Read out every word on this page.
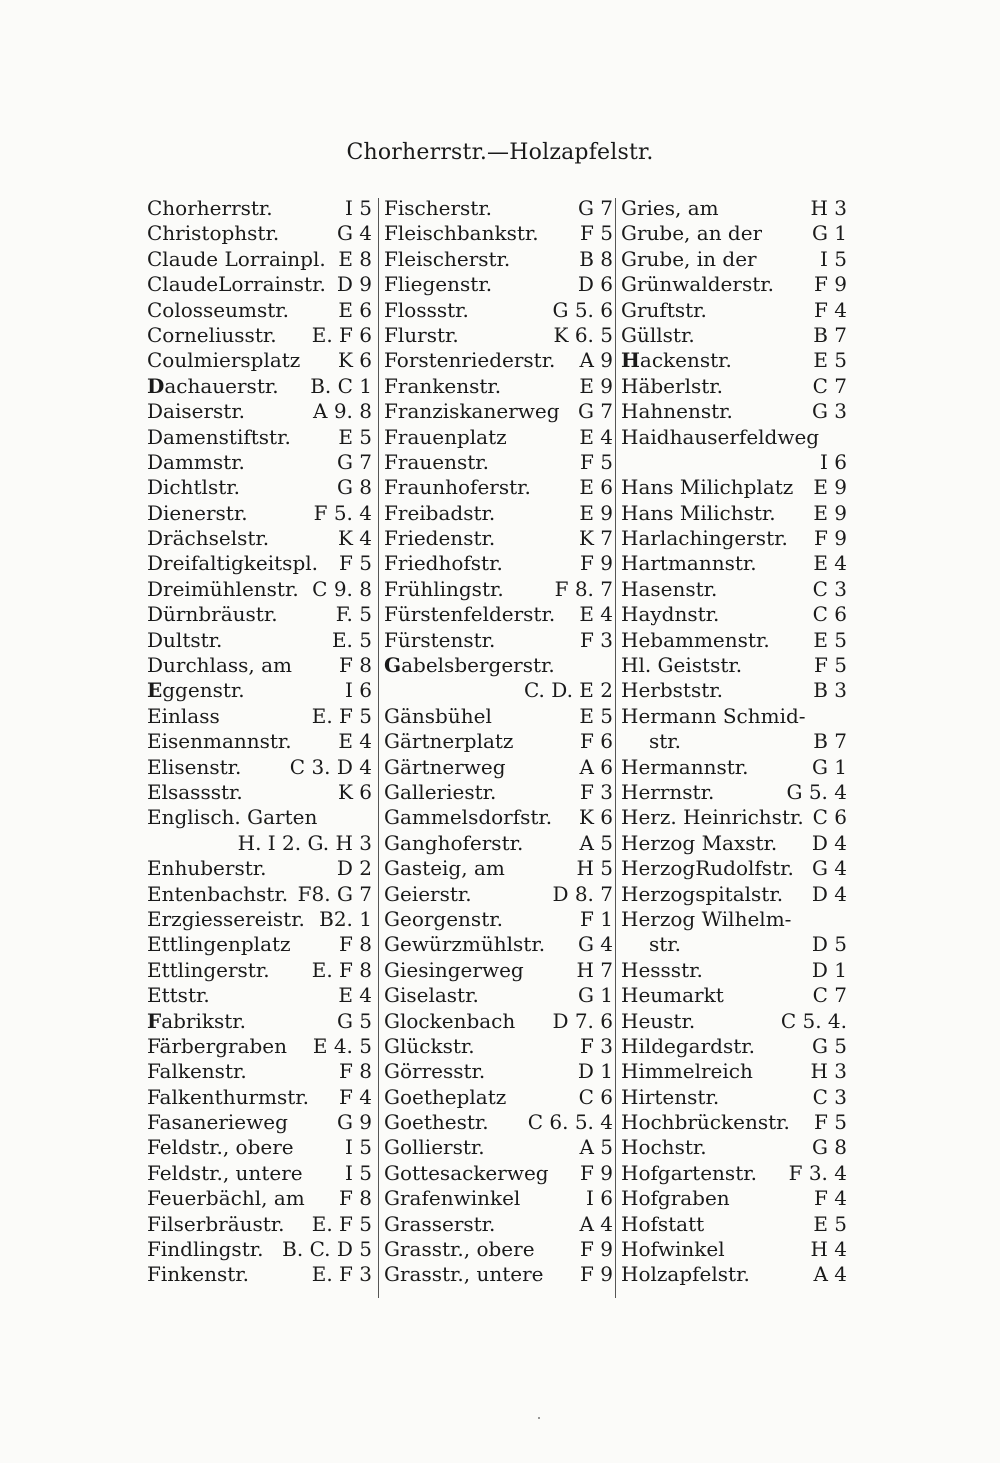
Chorherrstr.—Holzapfelstr.
Chorherrstr.	I 5
Christophstr.	G 4
Claude Lorrainpl. E 8
ClaudeLorrainstr. D 9
Colosseumstr. E 6
Corneliusstr. E. F 6
Coulmiersplatz K 6
Dachauerstr. B. C 1
Daiserstr.	A 9. 8
Damenstiftstr. E 5
Dammstr.	G 7
Dichtlstr.	G 8
Dienerstr.	F 5. 4
Drächselstr.	K 4
Dreifaltigkeitspl. F 5
Dreimühlenstr. C 9. 8
Dürnbräustr.	F. 5
Dultstr.	E. 5
Durchlass, am F 8
Eggenstr.	I 6
Einlass	E. F 5
Eisenmannstr. E 4
Elisenstr. C 3. D 4
Elsassstr.	K 6
Englisch. Garten
H. I 2. G. H 3
Enhuberstr.	D 2
Entenbachstr. F8. G 7
Erzgiessereistr. B2. 1
Ettlingenplatz F 8
Ettlingerstr. E. F 8
Ettstr.	E 4
Fabrikstr.	G 5
Färbergraben E 4. 5
Falkenstr.	F 8
Falkenthurmstr. F 4
Fasanerieweg G 9
Feldstr., obere	I 5
Feldstr., untere I 5
Feuerbächl, am F 8
Filserbräustr. E. F 5
Findlingstr. B. C. D 5
Finkenstr.	E. F 3
Fischerstr.	G 7
Fleischbankstr. F 5
Fleischerstr.	B 8
Fliegenstr.	D 6
Flossstr.	G 5. 6
Flurstr.	K 6. 5
Forstenriederstr. A 9
Frankenstr.	E 9
Franziskanerweg G 7
Frauenplatz	E 4
Frauenstr.	F 5
Fraunhoferstr. E 6
Freibadstr.	E 9
Friedenstr.	K 7
Friedhofstr.	F 9
Frühlingstr.	F 8. 7
Fürstenfelderstr. E 4
Fürstenstr.	F 3
Gabelsbergerstr.
C. D. E 2
Gänsbühel	E 5
Gärtnerplatz	F 6
Gärtnerweg	A 6
Galleriestr.	F 3
Gammelsdorfstr. K 6
Ganghoferstr.	A 5
Gasteig, am	H 5
Geierstr.	D 8. 7
Georgenstr.	F 1
Gewürzmühlstr. G 4
Giesingerweg	H 7
Giselastr.	G 1
Glockenbach D 7. 6
Glückstr.	F 3
Görresstr.	D 1
Goetheplatz	C 6
Goethestr. C 6. 5. 4
Gollierstr.	A 5
Gottesackerweg F 9
Grafenwinkel	I 6
Grasserstr.	A 4
Grasstr., obere F 9
Grasstr., untere F 9
Gries, am	H 3
Grube, an der G 1
Grube, in der	I 5
Grünwalderstr. F 9
Gruftstr.	F 4
Güllstr.	B 7
Hackenstr.	E 5
Häberlstr.	C 7
Hahnenstr.	G 3
Haidhauserfeldweg
I 6
Hans Milichplatz E 9
Hans Milichstr. E 9
Harlachingerstr. F 9
Hartmannstr.	E 4
Hasenstr.	C 3
Haydnstr.	C 6
Hebammenstr. E 5
Hl. Geiststr.	F 5
Herbststr.	B 3
Hermann Schmid-
str.	B 7
Hermannstr.	G 1
Herrnstr.	G 5. 4
Herz. Heinrichstr. C 6
Herzog Maxstr. D 4
HerzogRudolfstr. G 4
Herzogspitalstr. D 4
Herzog Wilhelm-
str.	D 5
Hessstr.	D 1
Heumarkt	C 7
Heustr.	C 5. 4.
Hildegardstr.	G 5
Himmelreich	H 3
Hirtenstr.	C 3
Hochbrückenstr. F 5
Hochstr.	G 8
Hofgartenstr. F 3. 4
Hofgraben	F 4
Hofstatt	E 5
Hofwinkel	H 4
Holzapfelstr.	A 4
